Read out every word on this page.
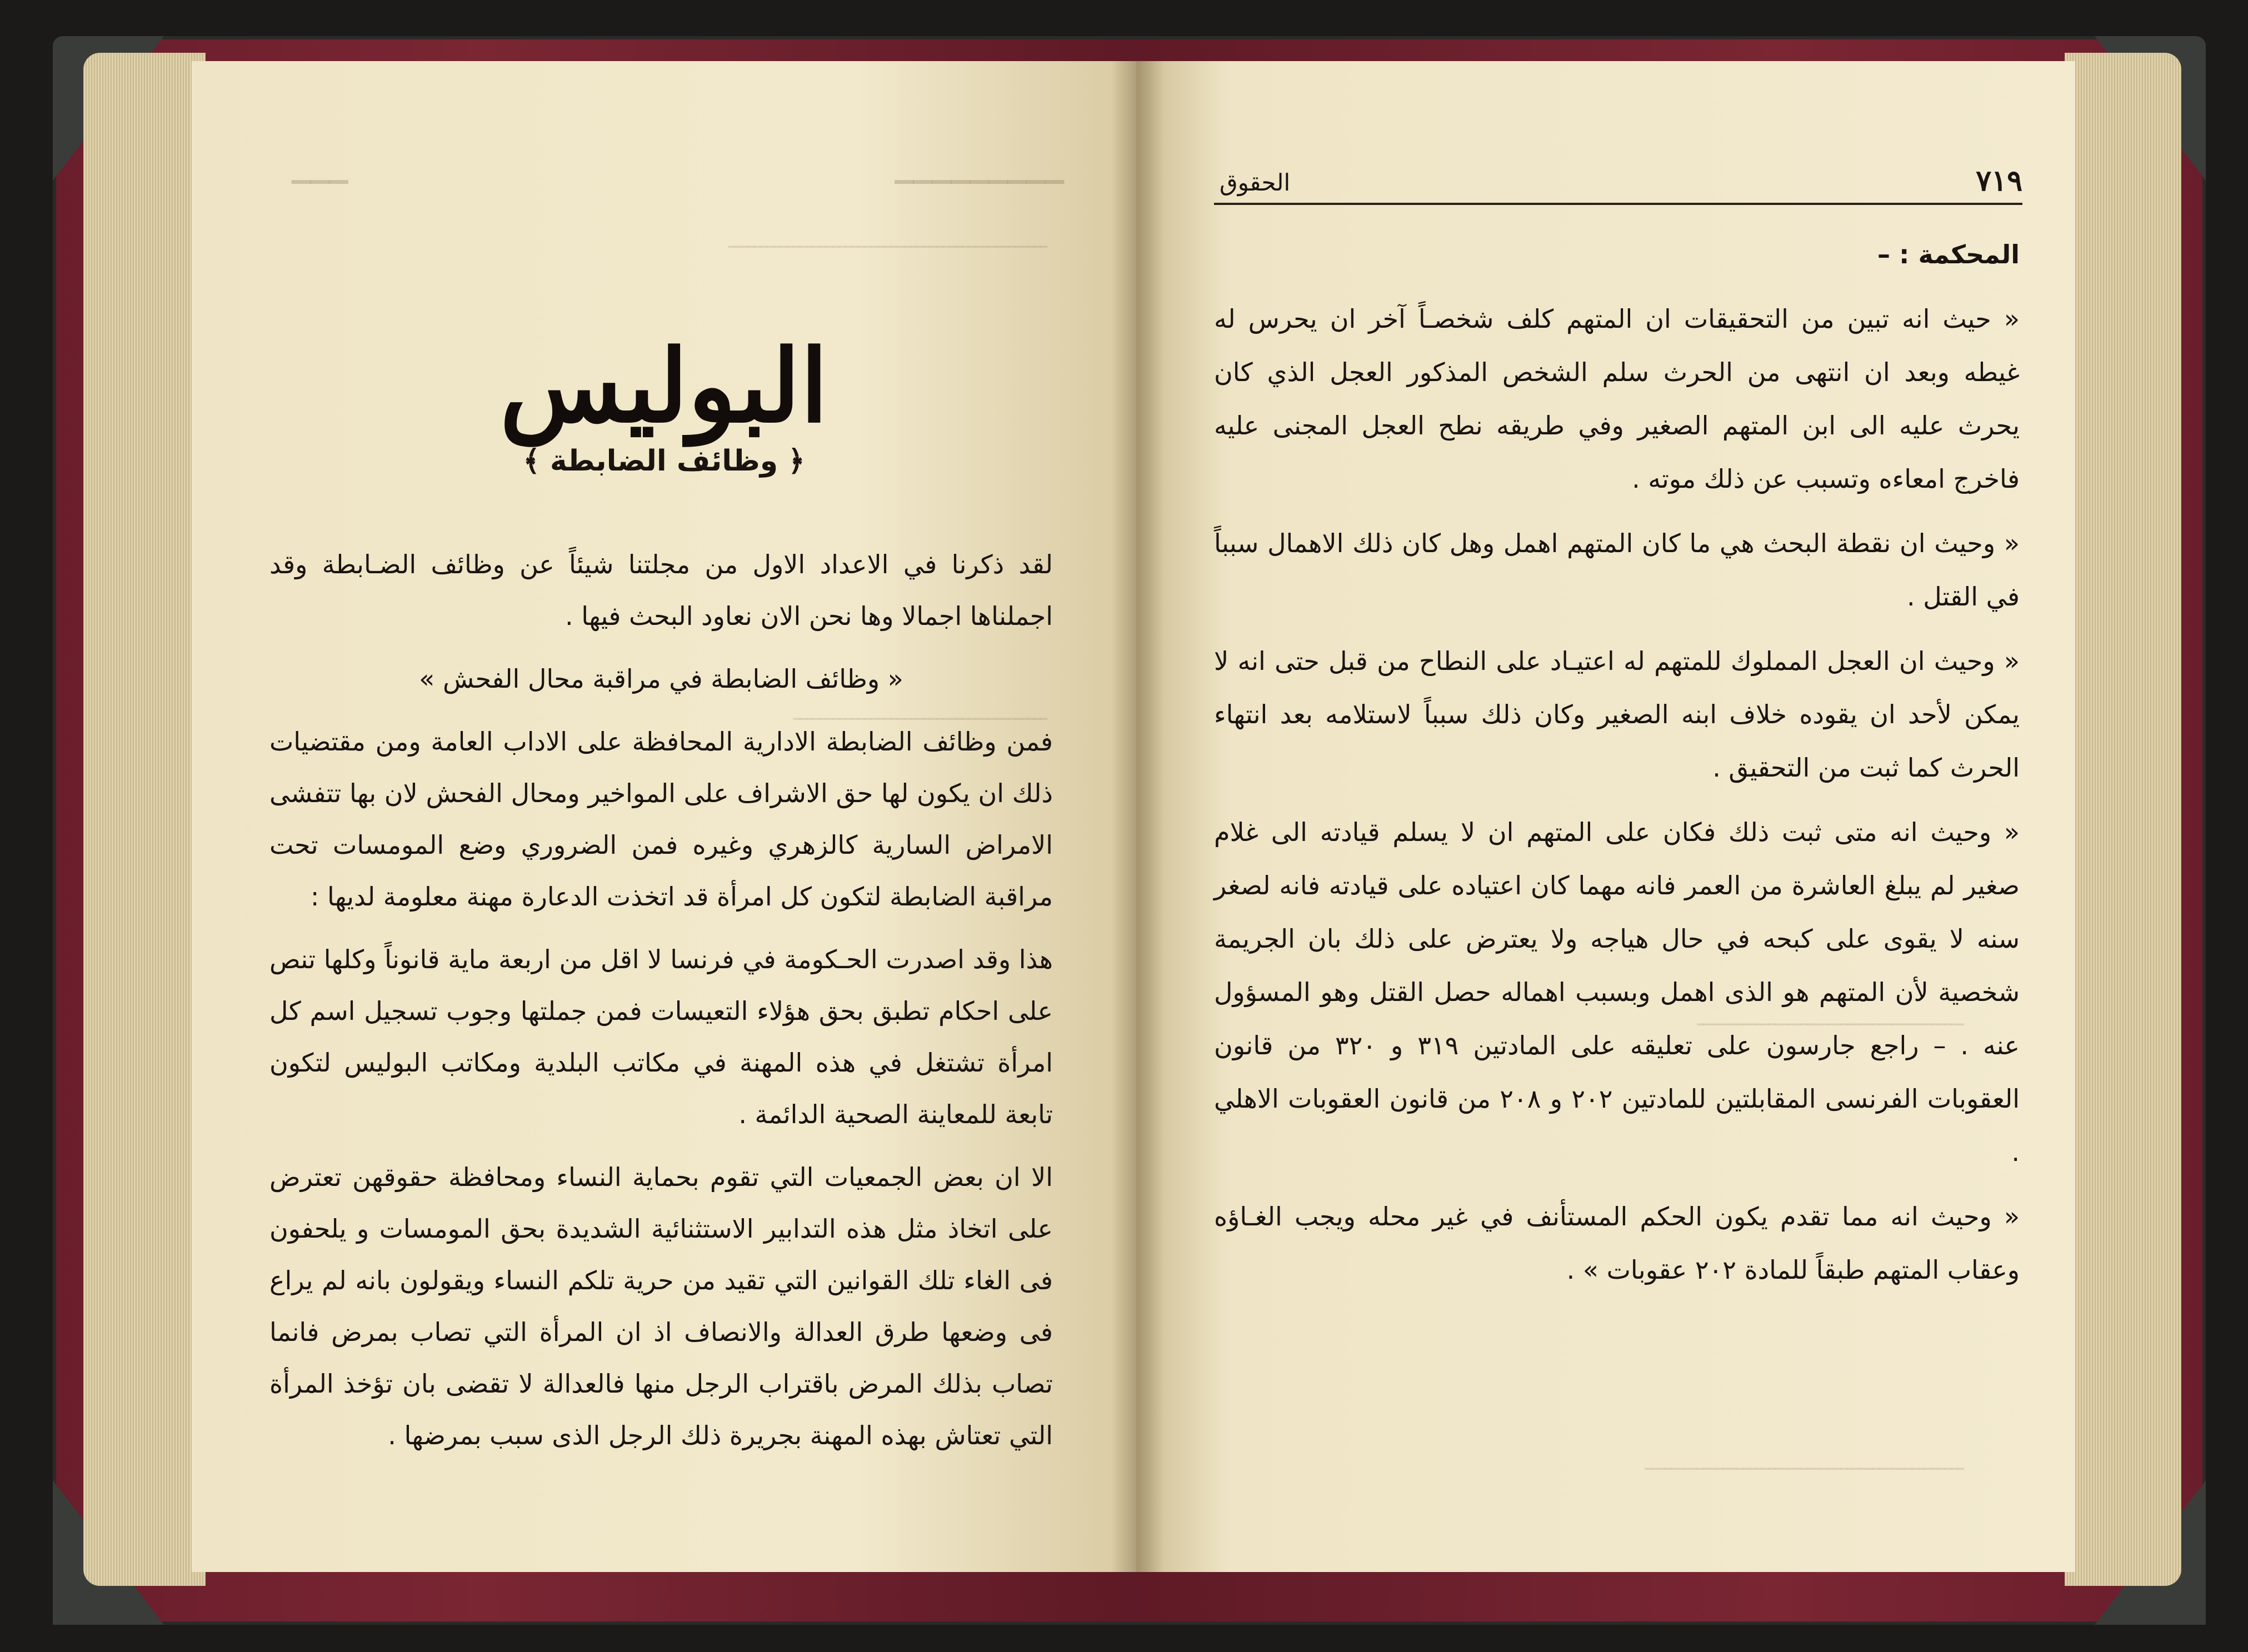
▁▁▁▁▁▁▁▁▁
▁▁▁
ـــــــــــــــــــــــــــــــــــــــــــــــــ
ـــــــــــــــــــــــــــــــــــــــ
البوليس
﴿ وظائف الضابطة ﴾

لقد ذكرنا في الاعداد الاول من مجلتنا شيئاً عن وظائف الضـابطة وقد اجملناها اجمالا وها نحن الان نعاود البحث فيها .

« وظائف الضابطة في مراقبة محال الفحش »

فمن وظائف الضابطة الادارية المحافظة على الاداب العامة ومن مقتضيات ذلك ان يكون لها حق الاشراف على المواخير ومحال الفحش لان بها تتفشى الامراض السارية كالزهري وغيره فمن الضروري وضع المومسات تحت مراقبة الضابطة لتكون كل امرأة قد اتخذت الدعارة مهنة معلومة لديها :

هذا وقد اصدرت الحـكومة في فرنسا لا اقل من اربعة ماية قانوناً وكلها تنص على احكام تطبق بحق هؤلاء التعيسات فمن جملتها وجوب تسجيل اسم كل امرأة تشتغل في هذه المهنة في مكاتب البلدية ومكاتب البوليس لتكون تابعة للمعاينة الصحية الدائمة .

الا ان بعض الجمعيات التي تقوم بحماية النساء ومحافظة حقوقهن تعترض على اتخاذ مثل هذه التدابير الاستثنائية الشديدة بحق المومسات و يلحفون فى الغاء تلك القوانين التي تقيد من حرية تلكم النساء ويقولون بانه لم يراع فى وضعها طرق العدالة والانصاف اذ ان المرأة التي تصاب بمرض فانما تصاب بذلك المرض باقتراب الرجل منها فالعدالة لا تقضى بان تؤخذ المرأة التي تعتاش بهذه المهنة بجريرة ذلك الرجل الذى سبب بمرضها .

٧١٩
الحقوق
ـــــــــــــــــــــــــــــــــــــــــ
ـــــــــــــــــــــــــــــــــــــــــــــــــ

المحكمة : –

« حيث انه تبين من التحقيقات ان المتهم كلف شخصـاً آخر ان يحرس له غيطه وبعد ان انتهى من الحرث سلم الشخص المذكور العجل الذي كان يحرث عليه الى ابن المتهم الصغير وفي طريقه نطح العجل المجنى عليه فاخرج امعاءه وتسبب عن ذلك موته .

« وحيث ان نقطة البحث هي ما كان المتهم اهمل وهل كان ذلك الاهمال سبباً في القتل .

« وحيث ان العجل المملوك للمتهم له اعتيـاد على النطاح من قبل حتى انه لا يمكن لأحد ان يقوده خلاف ابنه الصغير وكان ذلك سبباً لاستلامه بعد انتهاء الحرث كما ثبت من التحقيق .

« وحيث انه متى ثبت ذلك فكان على المتهم ان لا يسلم قيادته الى غلام صغير لم يبلغ العاشرة من العمر فانه مهما كان اعتياده على قيادته فانه لصغر سنه لا يقوى على كبحه في حال هياجه ولا يعترض على ذلك بان الجريمة شخصية لأن المتهم هو الذى اهمل وبسبب اهماله حصل القتل وهو المسؤول عنه . – راجع جارسون على تعليقه على المادتين ٣١٩ و ٣٢٠ من قانون العقوبات الفرنسى المقابلتين للمادتين ٢٠٢ و ٢٠٨ من قانون العقوبات الاهلي .

« وحيث انه مما تقدم يكون الحكم المستأنف في غير محله ويجب الغـاؤه وعقاب المتهم طبقاً للمادة ٢٠٢ عقوبات » .
